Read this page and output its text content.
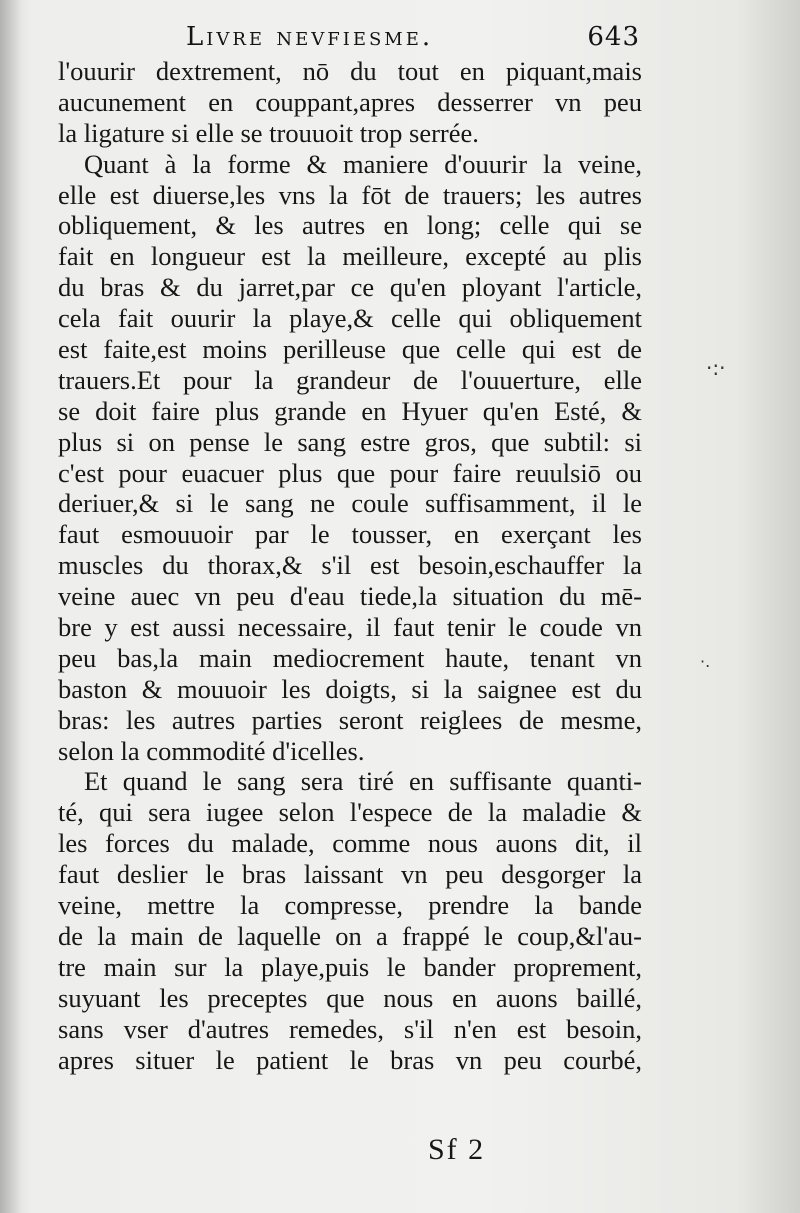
Livre nevfiesme.	643
l'ouurir dextrement, nō du tout en piquant,mais
aucunement en couppant,apres desserrer vn peu
la ligature si elle se trouuoit trop serrée.
Quant à la forme & maniere d'ouurir la veine,
elle est diuerse,les vns la fōt de trauers; les autres
obliquement, & les autres en long; celle qui se
fait en longueur est la meilleure, excepté au plis
du bras & du jarret,par ce qu'en ployant l'article,
cela fait ouurir la playe,& celle qui obliquement
est faite,est moins perilleuse que celle qui est de
trauers.Et pour la grandeur de l'ouuerture, elle
se doit faire plus grande en Hyuer qu'en Esté, &
plus si on pense le sang estre gros, que subtil: si
c'est pour euacuer plus que pour faire reuulsiō ou
deriuer,& si le sang ne coule suffisamment, il le
faut esmouuoir par le tousser, en exerçant les
muscles du thorax,& s'il est besoin,eschauffer la
veine auec vn peu d'eau tiede,la situation du mē-
bre y est aussi necessaire, il faut tenir le coude vn
peu bas,la main mediocrement haute, tenant vn
baston & mouuoir les doigts, si la saignee est du
bras: les autres parties seront reiglees de mesme,
selon la commodité d'icelles.
Et quand le sang sera tiré en suffisante quanti-
té, qui sera iugee selon l'espece de la maladie &
les forces du malade, comme nous auons dit, il
faut deslier le bras laissant vn peu desgorger la
veine, mettre la compresse, prendre la bande
de la main de laquelle on a frappé le coup,&l'au-
tre main sur la playe,puis le bander proprement,
suyuant les preceptes que nous en auons baillé,
sans vser d'autres remedes, s'il n'en est besoin,
apres situer le patient le bras vn peu courbé,
Sf 2
·:·
·.
